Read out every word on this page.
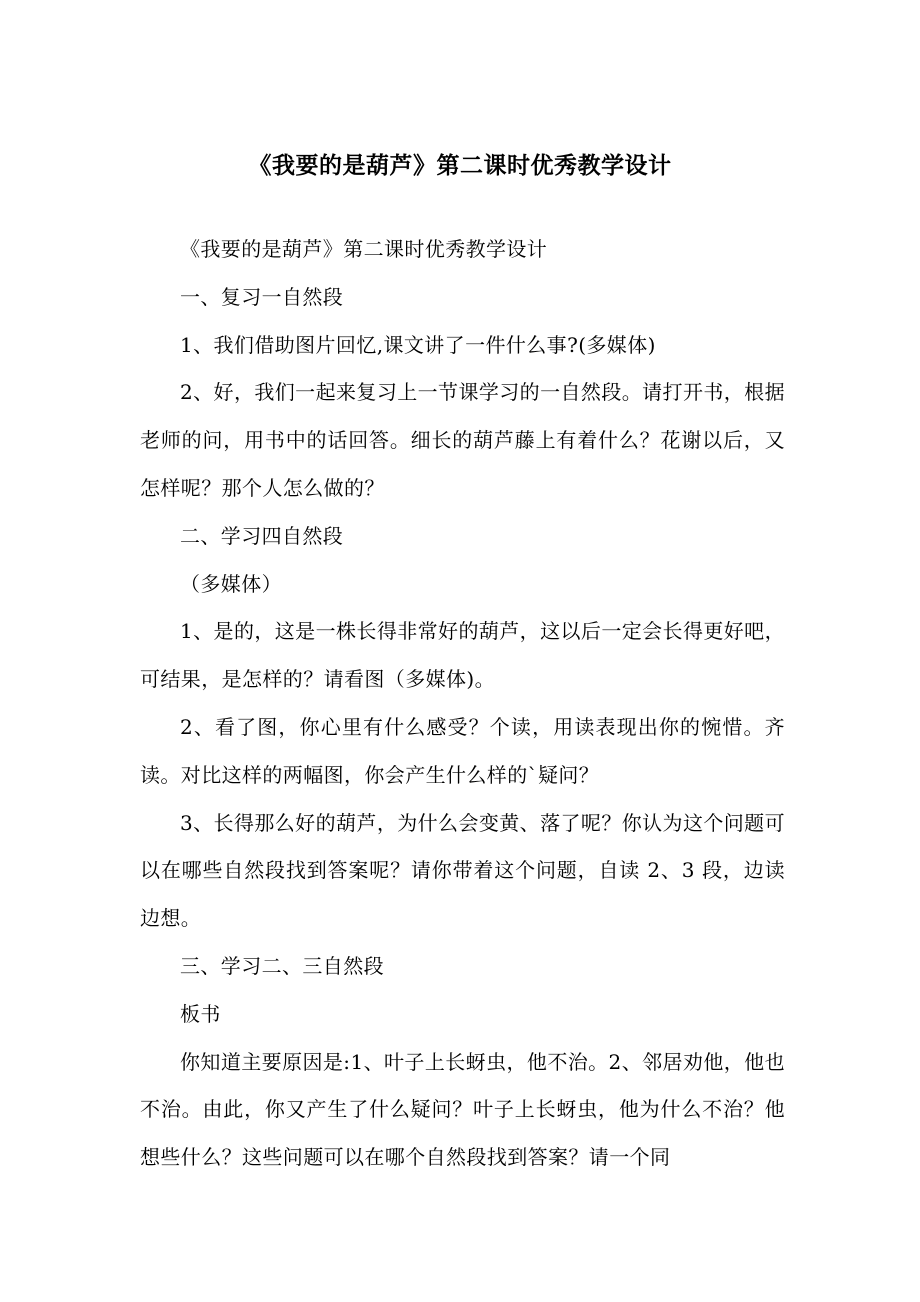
《我要的是葫芦》第二课时优秀教学设计

《我要的是葫芦》第二课时优秀教学设计

一、复习一自然段

1、我们借助图片回忆,课文讲了一件什么事?(多媒体)

2、好，我们一起来复习上一节课学习的一自然段。请打开书，根据老师的问，用书中的话回答。细长的葫芦藤上有着什么？花谢以后，又怎样呢？那个人怎么做的？

二、学习四自然段

（多媒体）

1、是的，这是一株长得非常好的葫芦，这以后一定会长得更好吧，可结果，是怎样的？请看图（多媒体)。

2、看了图，你心里有什么感受？个读，用读表现出你的惋惜。齐读。对比这样的两幅图，你会产生什么样的`疑问？

3、长得那么好的葫芦，为什么会变黄、落了呢？你认为这个问题可以在哪些自然段找到答案呢？请你带着这个问题，自读 2、3 段，边读边想。

三、学习二、三自然段

板书

你知道主要原因是:1、叶子上长蚜虫，他不治。2、邻居劝他，他也不治。由此，你又产生了什么疑问？叶子上长蚜虫，他为什么不治？他想些什么？这些问题可以在哪个自然段找到答案？请一个同
